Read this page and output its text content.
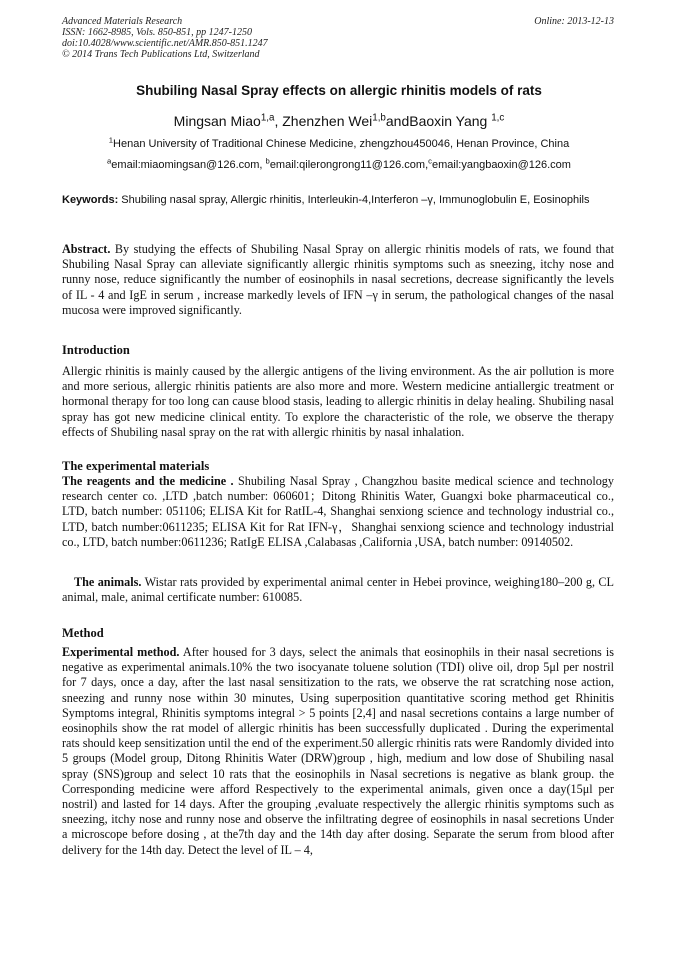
Advanced Materials Research
ISSN: 1662-8985, Vols. 850-851, pp 1247-1250
doi:10.4028/www.scientific.net/AMR.850-851.1247
© 2014 Trans Tech Publications Ltd, Switzerland
Online: 2013-12-13
Shubiling Nasal Spray effects on allergic rhinitis models of rats
Mingsan Miao$^{1,a}$, Zhenzhen Wei$^{1,b}$andBaoxin Yang $^{1,c}$
$^1$Henan University of Traditional Chinese Medicine, zhengzhou450046, Henan Province, China
$^a$email:miaomingsan@126.com, $^b$email:qilerongrong11@126.com,$^c$email:yangbaoxin@126.com
Keywords: Shubiling nasal spray, Allergic rhinitis, Interleukin-4,Interferon –γ, Immunoglobulin E, Eosinophils
Abstract. By studying the effects of Shubiling Nasal Spray on allergic rhinitis models of rats, we found that Shubiling Nasal Spray can alleviate significantly allergic rhinitis symptoms such as sneezing, itchy nose and runny nose, reduce significantly the number of eosinophils in nasal secretions, decrease significantly the levels of IL - 4 and IgE in serum , increase markedly levels of IFN –γ in serum, the pathological changes of the nasal mucosa were improved significantly.
Introduction
Allergic rhinitis is mainly caused by the allergic antigens of the living environment. As the air pollution is more and more serious, allergic rhinitis patients are also more and more. Western medicine antiallergic treatment or hormonal therapy for too long can cause blood stasis, leading to allergic rhinitis in delay healing. Shubiling nasal spray has got new medicine clinical entity. To explore the characteristic of the role, we observe the therapy effects of Shubiling nasal spray on the rat with allergic rhinitis by nasal inhalation.
The experimental materials
The reagents and the medicine . Shubiling Nasal Spray , Changzhou basite medical science and technology research center co. ,LTD ,batch number: 060601；Ditong Rhinitis Water, Guangxi boke pharmaceutical co., LTD, batch number: 051106; ELISA Kit for RatIL-4, Shanghai senxiong science and technology industrial co., LTD, batch number:0611235; ELISA Kit for Rat IFN-γ，Shanghai senxiong science and technology industrial co., LTD, batch number:0611236; RatIgE ELISA ,Calabasas ,California ,USA, batch number: 09140502.
The animals. Wistar rats provided by experimental animal center in Hebei province, weighing180–200 g, CL animal, male, animal certificate number: 610085.
Method
Experimental method. After housed for 3 days, select the animals that eosinophils in their nasal secretions is negative as experimental animals.10% the two isocyanate toluene solution (TDI) olive oil, drop 5μl per nostril for 7 days, once a day, after the last nasal sensitization to the rats, we observe the rat scratching nose action, sneezing and runny nose within 30 minutes, Using superposition quantitative scoring method get Rhinitis Symptoms integral, Rhinitis symptoms integral > 5 points [2,4] and nasal secretions contains a large number of eosinophils show the rat model of allergic rhinitis has been successfully duplicated . During the experimental rats should keep sensitization until the end of the experiment.50 allergic rhinitis rats were Randomly divided into 5 groups (Model group, Ditong Rhinitis Water (DRW)group , high, medium and low dose of Shubiling nasal spray (SNS)group and select 10 rats that the eosinophils in Nasal secretions is negative as blank group. the Corresponding medicine were afford Respectively to the experimental animals, given once a day(15μl per nostril) and lasted for 14 days. After the grouping ,evaluate respectively the allergic rhinitis symptoms such as sneezing, itchy nose and runny nose and observe the infiltrating degree of eosinophils in nasal secretions Under a microscope before dosing , at the7th day and the 14th day after dosing. Separate the serum from blood after delivery for the 14th day. Detect the level of IL – 4,
